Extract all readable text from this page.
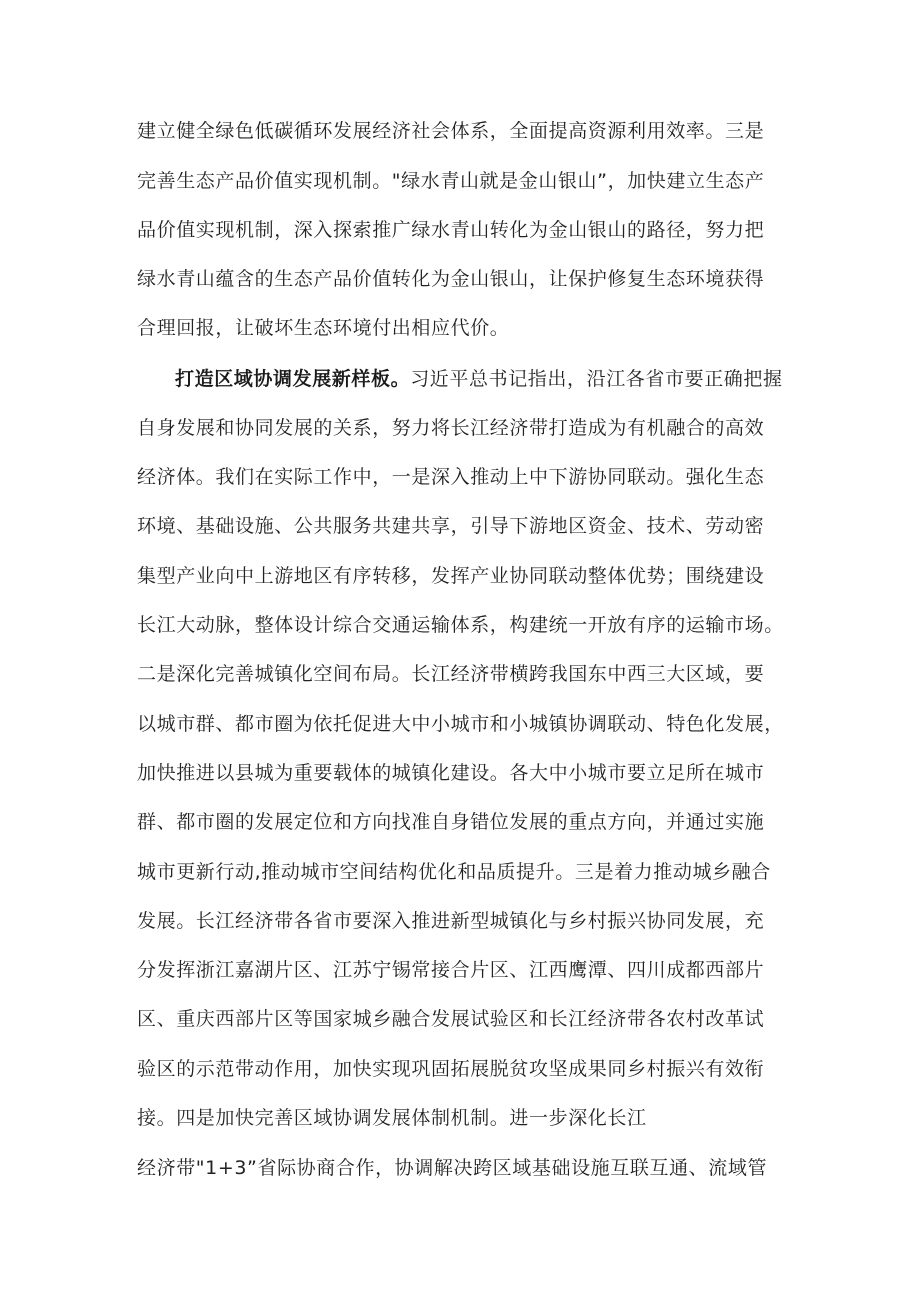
建立健全绿色低碳循环发展经济社会体系，全面提高资源利用效率。三是
完善生态产品价值实现机制。"绿水青山就是金山银山”，加快建立生态产
品价值实现机制，深入探索推广绿水青山转化为金山银山的路径，努力把
绿水青山蕴含的生态产品价值转化为金山银山，让保护修复生态环境获得
合理回报，让破坏生态环境付出相应代价。
打造区域协调发展新样板。习近平总书记指出，沿江各省市要正确把握
自身发展和协同发展的关系，努力将长江经济带打造成为有机融合的高效
经济体。我们在实际工作中，一是深入推动上中下游协同联动。强化生态
环境、基础设施、公共服务共建共享，引导下游地区资金、技术、劳动密
集型产业向中上游地区有序转移，发挥产业协同联动整体优势；围绕建设
长江大动脉，整体设计综合交通运输体系，构建统一开放有序的运输市场。
二是深化完善城镇化空间布局。长江经济带横跨我国东中西三大区域，要
以城市群、都市圈为依托促进大中小城市和小城镇协调联动、特色化发展，
加快推进以县城为重要载体的城镇化建设。各大中小城市要立足所在城市
群、都市圈的发展定位和方向找准自身错位发展的重点方向，并通过实施
城市更新行动,推动城市空间结构优化和品质提升。三是着力推动城乡融合
发展。长江经济带各省市要深入推进新型城镇化与乡村振兴协同发展，充
分发挥浙江嘉湖片区、江苏宁锡常接合片区、江西鹰潭、四川成都西部片
区、重庆西部片区等国家城乡融合发展试验区和长江经济带各农村改革试
验区的示范带动作用，加快实现巩固拓展脱贫攻坚成果同乡村振兴有效衔
接。四是加快完善区域协调发展体制机制。进一步深化长江
经济带"1+3”省际协商合作，协调解决跨区域基础设施互联互通、流域管
